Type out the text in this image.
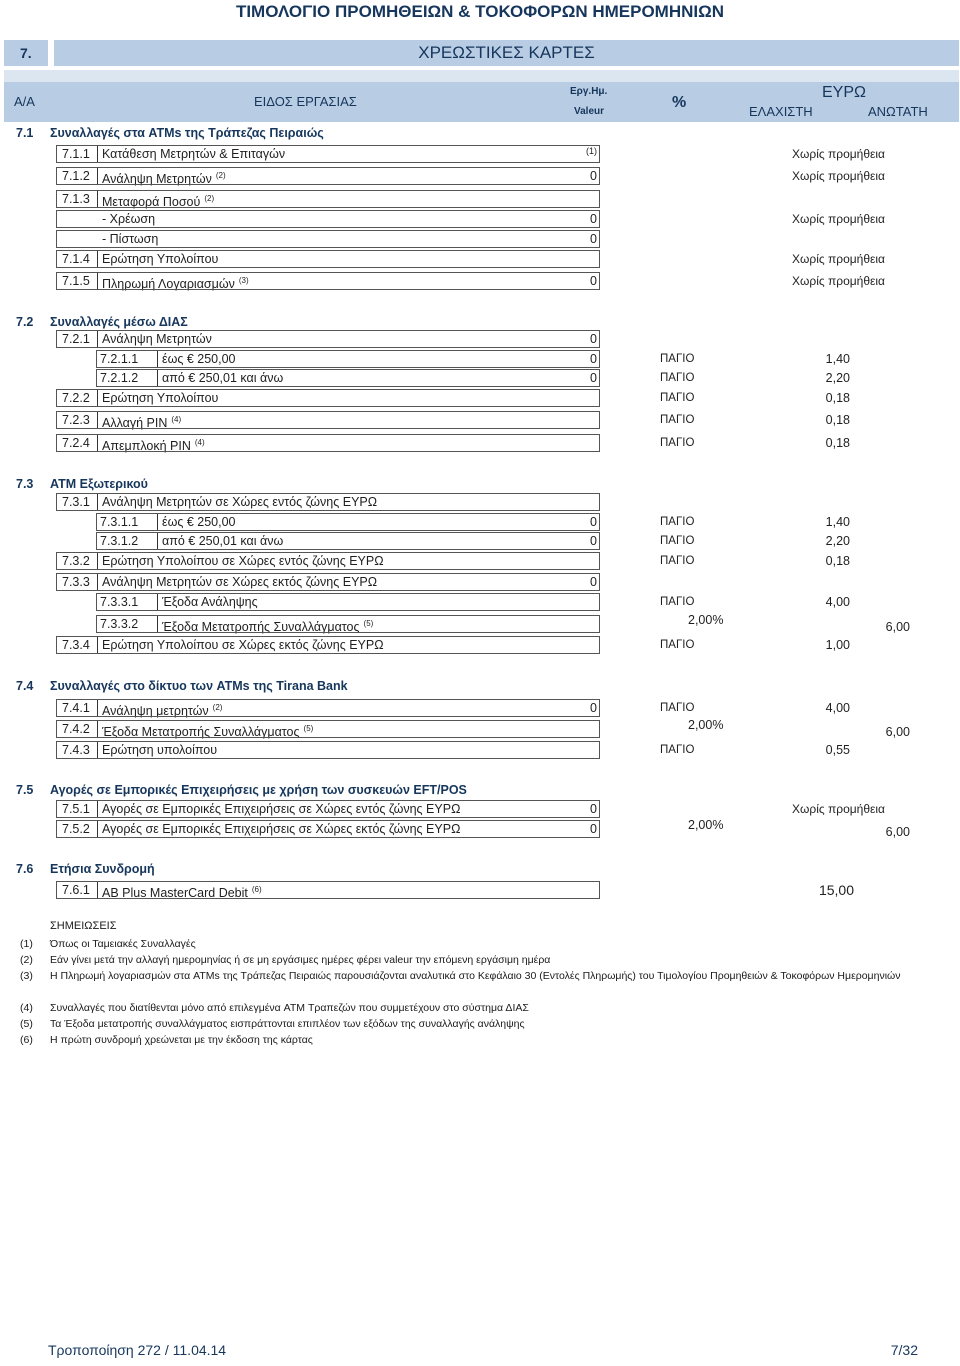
ΤΙΜΟΛΟΓΙΟ ΠΡΟΜΗΘΕΙΩΝ & ΤΟΚΟΦΟΡΩΝ ΗΜΕΡΟΜΗΝΙΩΝ
7.	ΧΡΕΩΣΤΙΚΕΣ ΚΑΡΤΕΣ
Α/Α	ΕΙΔΟΣ ΕΡΓΑΣΙΑΣ
Εργ.Ημ.
Valeur
%
ΕΥΡΩ
ΕΛΑΧΙΣΤΗ	ΑΝΩΤΑΤΗ
7.1 Συναλλαγές στα ATMs της Τράπεζας Πειραιώς
7.1.1 Κατάθεση Μετρητών & Επιταγών	(1)	Χωρίς προμήθεια
7.1.2 Ανάληψη Μετρητών $^{(2)}$	0	Χωρίς προμήθεια
7.1.3 Μεταφορά Ποσού $^{(2)}$
- Χρέωση	0	Χωρίς προμήθεια
- Πίστωση	0
7.1.4 Ερώτηση Υπολοίπου	Χωρίς προμήθεια
7.1.5 Πληρωμή Λογαριασμών $^{(3)}$	0	Χωρίς προμήθεια
7.2 Συναλλαγές μέσω ΔΙΑΣ
7.2.1 Ανάληψη Μετρητών	0
7.2.1.1 έως € 250,00	0	ΠΑΓΙΟ	1,40
7.2.1.2 από € 250,01 και άνω	0	ΠΑΓΙΟ	2,20
7.2.2 Ερώτηση Υπολοίπου	ΠΑΓΙΟ	0,18
7.2.3 Αλλαγή PIN $^{(4)}$	ΠΑΓΙΟ	0,18
7.2.4 Απεμπλοκή PIN $^{(4)}$	ΠΑΓΙΟ	0,18
7.3 ATM Εξωτερικού
7.3.1 Ανάληψη Μετρητών σε Χώρες εντός ζώνης ΕΥΡΩ
7.3.1.1 έως € 250,00	0	ΠΑΓΙΟ	1,40
7.3.1.2 από € 250,01 και άνω	0	ΠΑΓΙΟ	2,20
7.3.2 Ερώτηση Υπολοίπου σε Χώρες εντός ζώνης ΕΥΡΩ	ΠΑΓΙΟ	0,18
7.3.3 Ανάληψη Μετρητών σε Χώρες εκτός ζώνης ΕΥΡΩ	0
7.3.3.1 Έξοδα Ανάληψης	ΠΑΓΙΟ	4,00
7.3.3.2 Έξοδα Μετατροπής Συναλλάγματος $^{(5)}$	2,00%	6,00
7.3.4 Ερώτηση Υπολοίπου σε Χώρες εκτός ζώνης ΕΥΡΩ	ΠΑΓΙΟ	1,00
7.4 Συναλλαγές στο δίκτυο των ATMs της Tirana Bank
7.4.1 Ανάληψη μετρητών $^{(2)}$	0	ΠΑΓΙΟ	4,00
7.4.2 Έξοδα Μετατροπής Συναλλάγματος $^{(5)}$	2,00%	6,00
7.4.3 Ερώτηση υπολοίπου	ΠΑΓΙΟ	0,55
7.5 Αγορές σε Εμπορικές Επιχειρήσεις με χρήση των συσκευών EFT/POS
7.5.1 Αγορές σε Εμπορικές Επιχειρήσεις σε Χώρες εντός ζώνης ΕΥΡΩ	0	Χωρίς προμήθεια
7.5.2 Αγορές σε Εμπορικές Επιχειρήσεις σε Χώρες εκτός ζώνης ΕΥΡΩ	0	2,00%	6,00
7.6 Ετήσια Συνδρομή
7.6.1 AB Plus MasterCard Debit $^{(6)}$	15,00
ΣΗΜΕΙΩΣΕΙΣ
(1)	Όπως οι Ταμειακές Συναλλαγές
(2)	Εάν γίνει μετά την αλλαγή ημερομηνίας ή σε μη εργάσιμες ημέρες φέρει valeur την επόμενη εργάσιμη ημέρα
(3)	Η Πληρωμή λογαριασμών στα ATMs της Τράπεζας Πειραιώς παρουσιάζονται αναλυτικά στο Κεφάλαιο 30 (Εντολές Πληρωμής) του Τιμολογίου Προμηθειών & Τοκοφόρων Ημερομηνιών
(4)	Συναλλαγές που διατίθενται μόνο από επιλεγμένα ATM Τραπεζών που συμμετέχουν στο σύστημα ΔΙΑΣ
(5)	Τα Έξοδα μετατροπής συναλλάγματος εισπράττονται επιπλέον των εξόδων της συναλλαγής ανάληψης
(6)	Η πρώτη συνδρομή χρεώνεται με την έκδοση της κάρτας
Τροποποίηση 272 / 11.04.14	7/32
